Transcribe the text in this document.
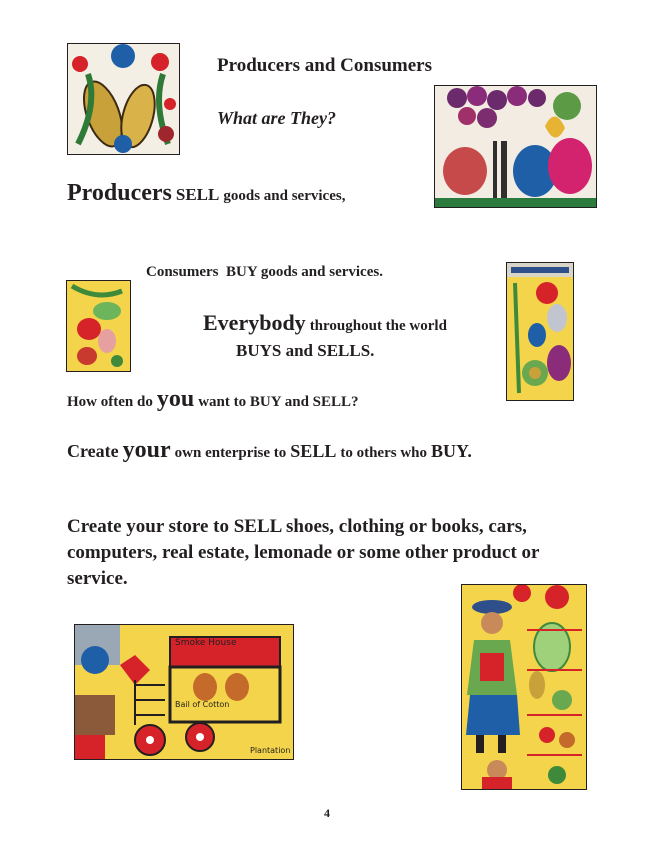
Producers and Consumers
What are They?
Producers SELL goods and services,
Consumers  BUY goods and services.
Everybody throughout the world
BUYS and SELLS.
How often do you want to BUY and SELL?
Create your own enterprise to SELL to others who BUY.
Create your store to SELL shoes, clothing or books, cars, computers, real estate, lemonade or some other product or service.
Smoke House
Bail of Cotton
Plantation
4
